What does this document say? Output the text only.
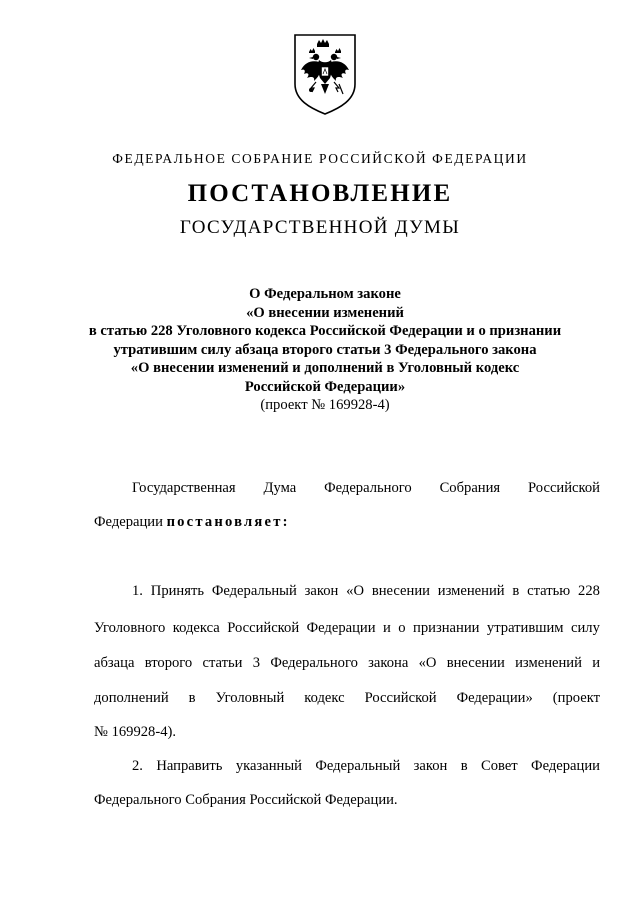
ФЕДЕРАЛЬНОЕ СОБРАНИЕ РОССИЙСКОЙ ФЕДЕРАЦИИ
ПОСТАНОВЛЕНИЕ
ГОСУДАРСТВЕННОЙ ДУМЫ
О Федеральном законе
«О внесении изменений
в статью 228 Уголовного кодекса Российской Федерации и о признании
утратившим силу абзаца второго статьи 3 Федерального закона
«О внесении изменений и дополнений в Уголовный кодекс
Российской Федерации»
(проект № 169928-4)
Государственная Дума Федерального Собрания Российской
Федерации постановляет:
1. Принять Федеральный закон «О внесении изменений в статью 228
Уголовного кодекса Российской Федерации и о признании утратившим силу
абзаца второго статьи 3 Федерального закона «О внесении изменений и
дополнений в Уголовный кодекс Российской Федерации» (проект
№ 169928-4).
2. Направить указанный Федеральный закон в Совет Федерации
Федерального Собрания Российской Федерации.
